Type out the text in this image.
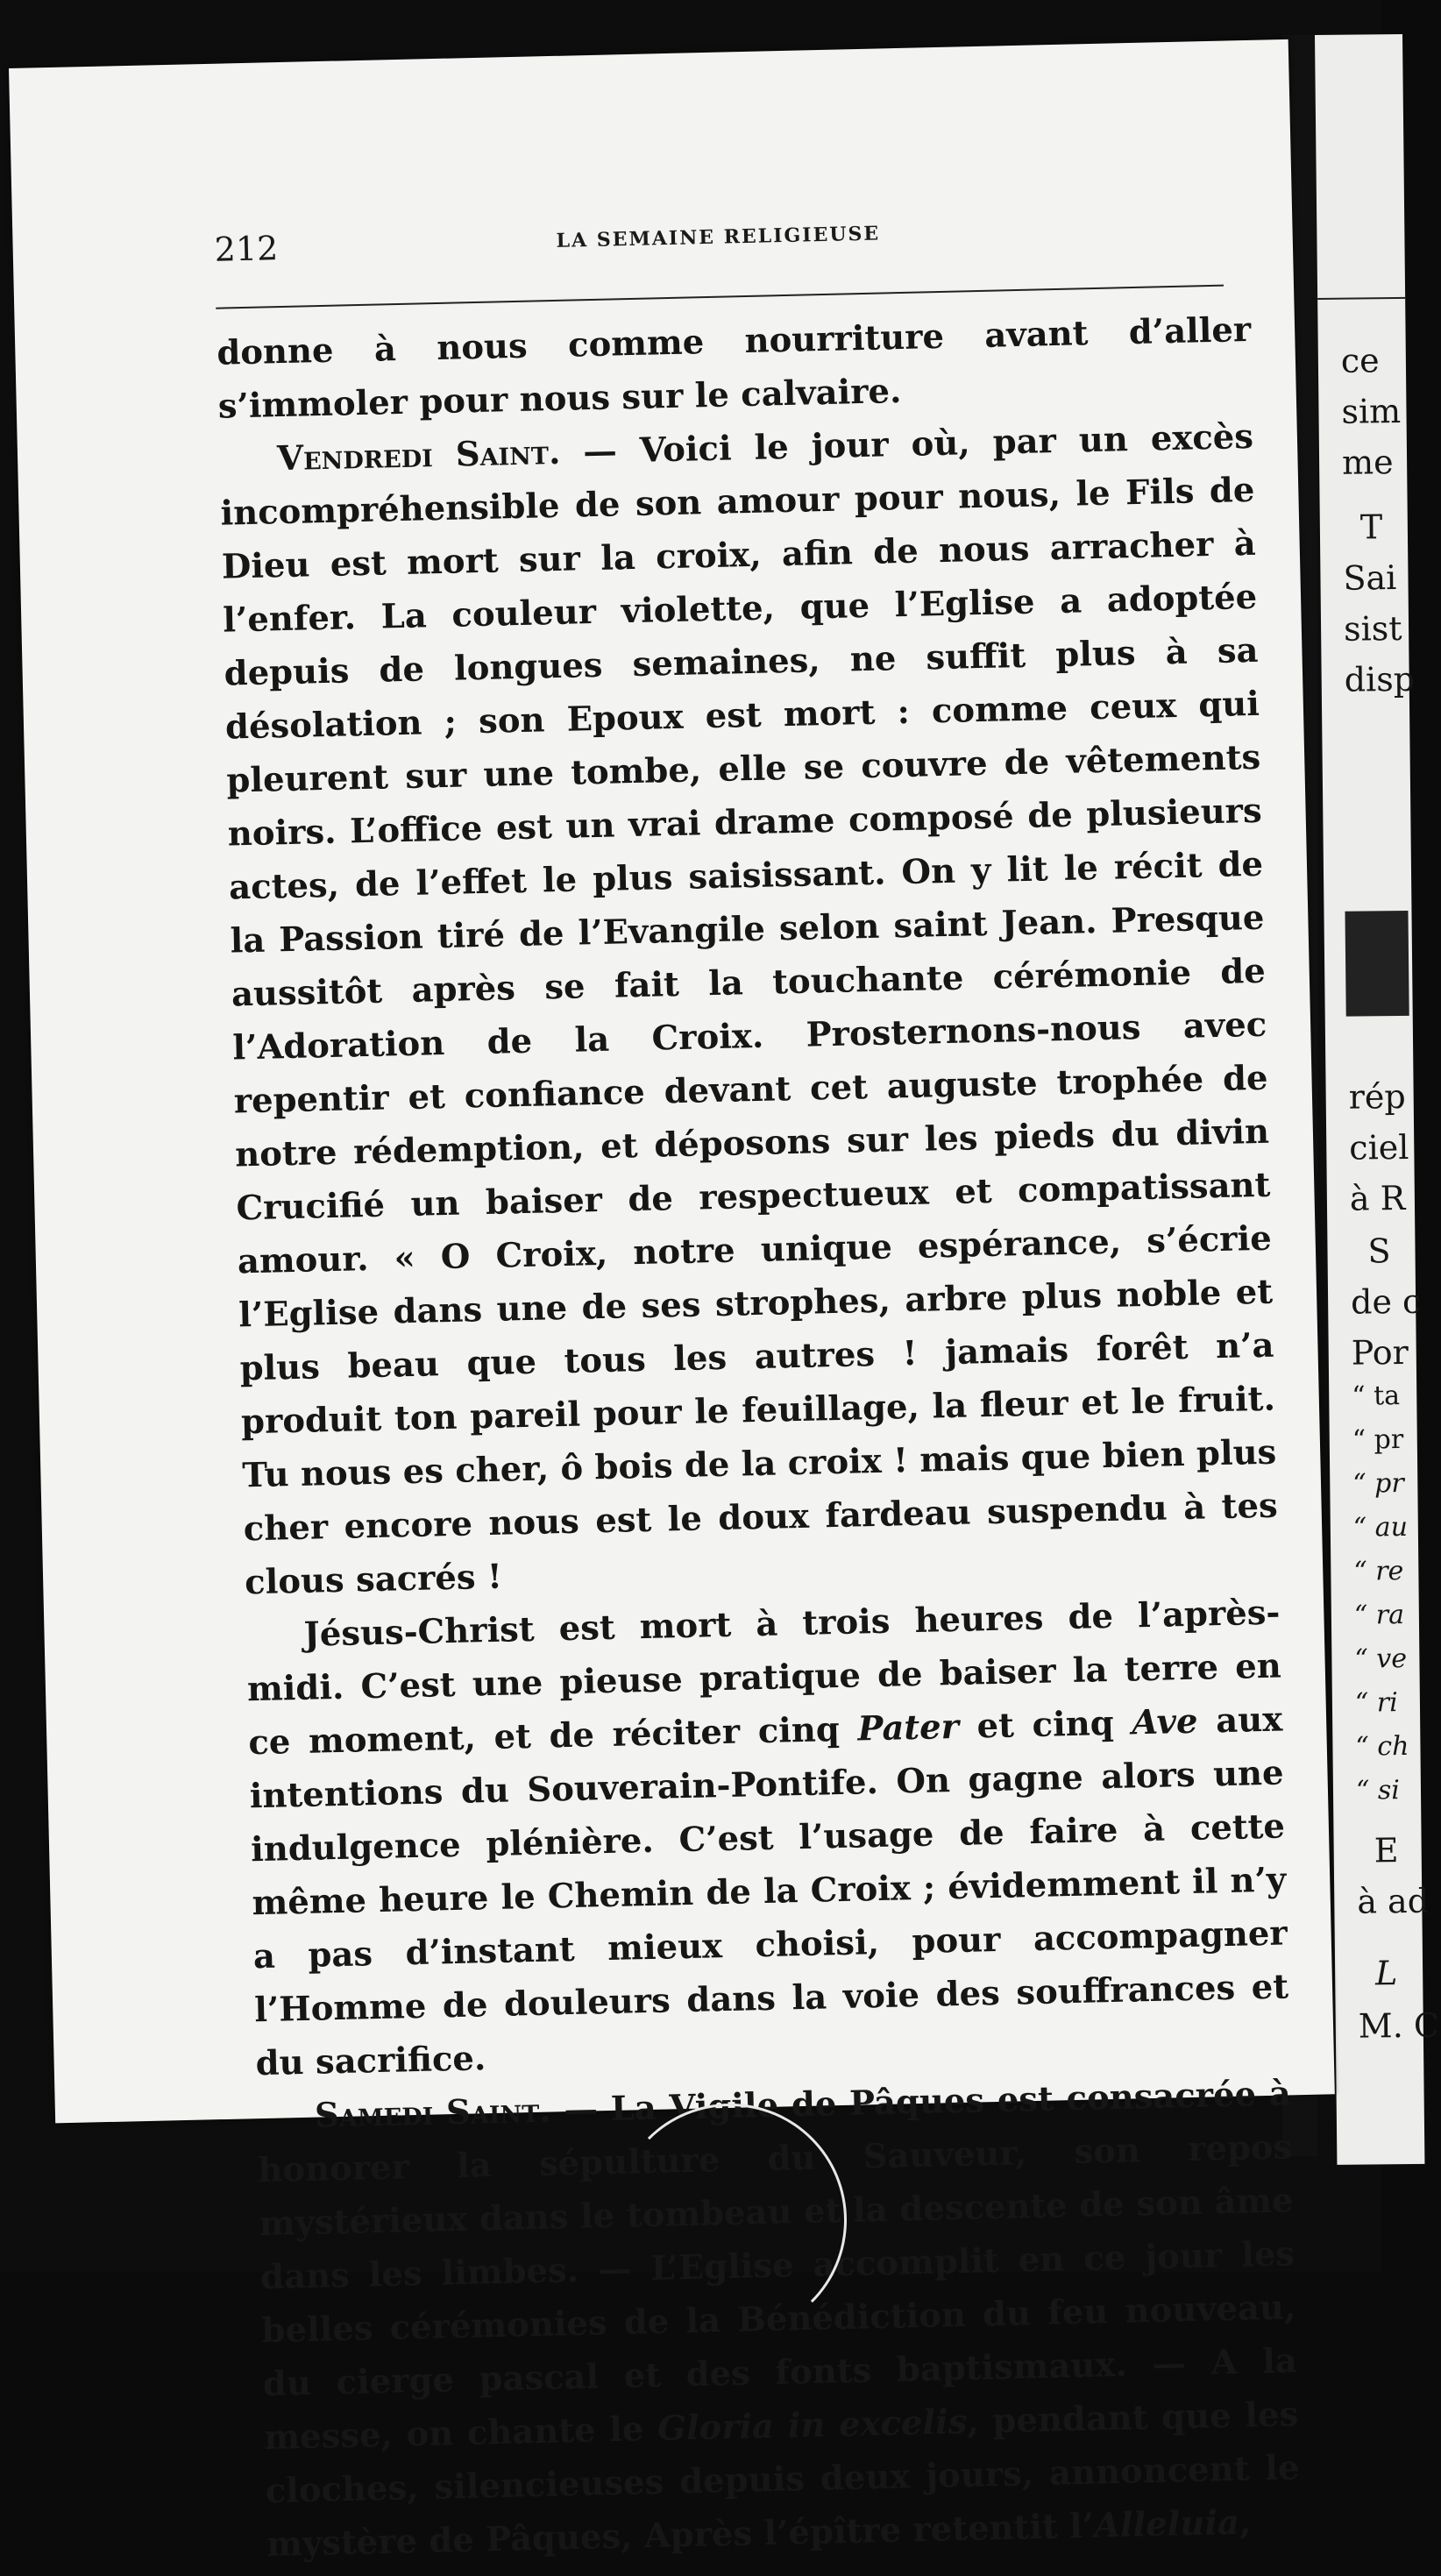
ce
sim
me
T
Sai
sist
disp
rép
ciel
à R
S
de c
Por
“ ta
“ pr
“ pr
“ au
“ re
“ ra
“ ve
“ ri
“ ch
“ si
E
à ad
L
M. C
212	LA SEMAINE RELIGIEUSE

donne à nous comme nourriture avant d’aller s’immoler pour nous sur le calvaire.

Vendredi Saint. — Voici le jour où, par un excès incompréhensible de son amour pour nous, le Fils de Dieu est mort sur la croix, afin de nous arracher à l’enfer. La couleur violette, que l’Eglise a adoptée depuis de longues semaines, ne suffit plus à sa désolation ; son Epoux est mort : comme ceux qui pleurent sur une tombe, elle se couvre de vêtements noirs. L’office est un vrai drame composé de plusieurs actes, de l’effet le plus saisissant. On y lit le récit de la Passion tiré de l’Evangile selon saint Jean. Presque aussitôt après se fait la touchante cérémonie de l’Adoration de la Croix. Prosternons-nous avec repentir et confiance devant cet auguste trophée de notre rédemption, et déposons sur les pieds du divin Crucifié un baiser de respectueux et compatissant amour. « O Croix, notre unique espérance, s’écrie l’Eglise dans une de ses strophes, arbre plus noble et plus beau que tous les autres ! jamais forêt n’a produit ton pareil pour le feuillage, la fleur et le fruit. Tu nous es cher, ô bois de la croix ! mais que bien plus cher encore nous est le doux fardeau suspendu à tes clous sacrés !

Jésus-Christ est mort à trois heures de l’après-midi. C’est une pieuse pratique de baiser la terre en ce moment, et de réciter cinq Pater et cinq Ave aux intentions du Souverain-Pontife. On gagne alors une indulgence plénière. C’est l’usage de faire à cette même heure le Chemin de la Croix ; évidemment il n’y a pas d’instant mieux choisi, pour accompagner l’Homme de douleurs dans la voie des souffrances et du sacrifice.

Samedi Saint. — La Vigile de Pâques est consacrée à honorer la sépulture du Sauveur, son repos mystérieux dans le tombeau et la descente de son âme dans les limbes. — L’Eglise accomplit en ce jour les belles cérémonies de la Bénédiction du feu nouveau, du cierge pascal et des fonts baptismaux. — A la messe, on chante le Gloria in excelis, pendant que les cloches, silencieuses depuis deux jours, annoncent le mystère de Pâques, Après l’épître retentit l’Alleluia,
